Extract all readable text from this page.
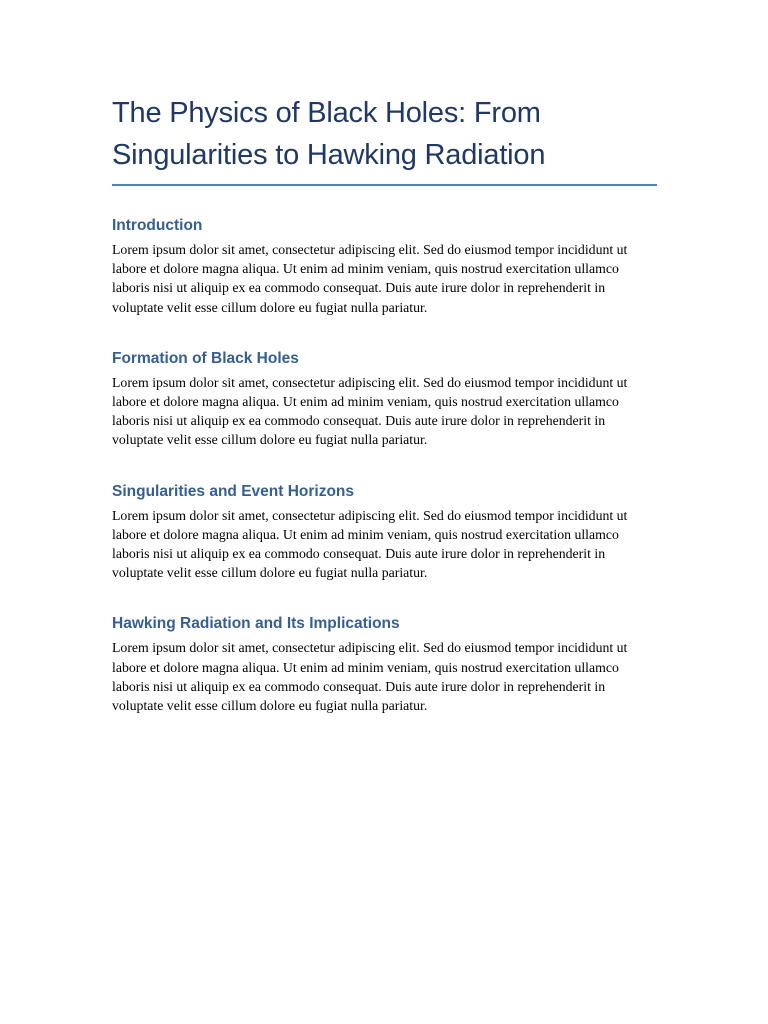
The Physics of Black Holes: From Singularities to Hawking Radiation
Introduction

Lorem ipsum dolor sit amet, consectetur adipiscing elit. Sed do eiusmod tempor incididunt ut labore et dolore magna aliqua. Ut enim ad minim veniam, quis nostrud exercitation ullamco laboris nisi ut aliquip ex ea commodo consequat. Duis aute irure dolor in reprehenderit in voluptate velit esse cillum dolore eu fugiat nulla pariatur.

Formation of Black Holes

Lorem ipsum dolor sit amet, consectetur adipiscing elit. Sed do eiusmod tempor incididunt ut labore et dolore magna aliqua. Ut enim ad minim veniam, quis nostrud exercitation ullamco laboris nisi ut aliquip ex ea commodo consequat. Duis aute irure dolor in reprehenderit in voluptate velit esse cillum dolore eu fugiat nulla pariatur.

Singularities and Event Horizons

Lorem ipsum dolor sit amet, consectetur adipiscing elit. Sed do eiusmod tempor incididunt ut labore et dolore magna aliqua. Ut enim ad minim veniam, quis nostrud exercitation ullamco laboris nisi ut aliquip ex ea commodo consequat. Duis aute irure dolor in reprehenderit in voluptate velit esse cillum dolore eu fugiat nulla pariatur.

Hawking Radiation and Its Implications

Lorem ipsum dolor sit amet, consectetur adipiscing elit. Sed do eiusmod tempor incididunt ut labore et dolore magna aliqua. Ut enim ad minim veniam, quis nostrud exercitation ullamco laboris nisi ut aliquip ex ea commodo consequat. Duis aute irure dolor in reprehenderit in voluptate velit esse cillum dolore eu fugiat nulla pariatur.
